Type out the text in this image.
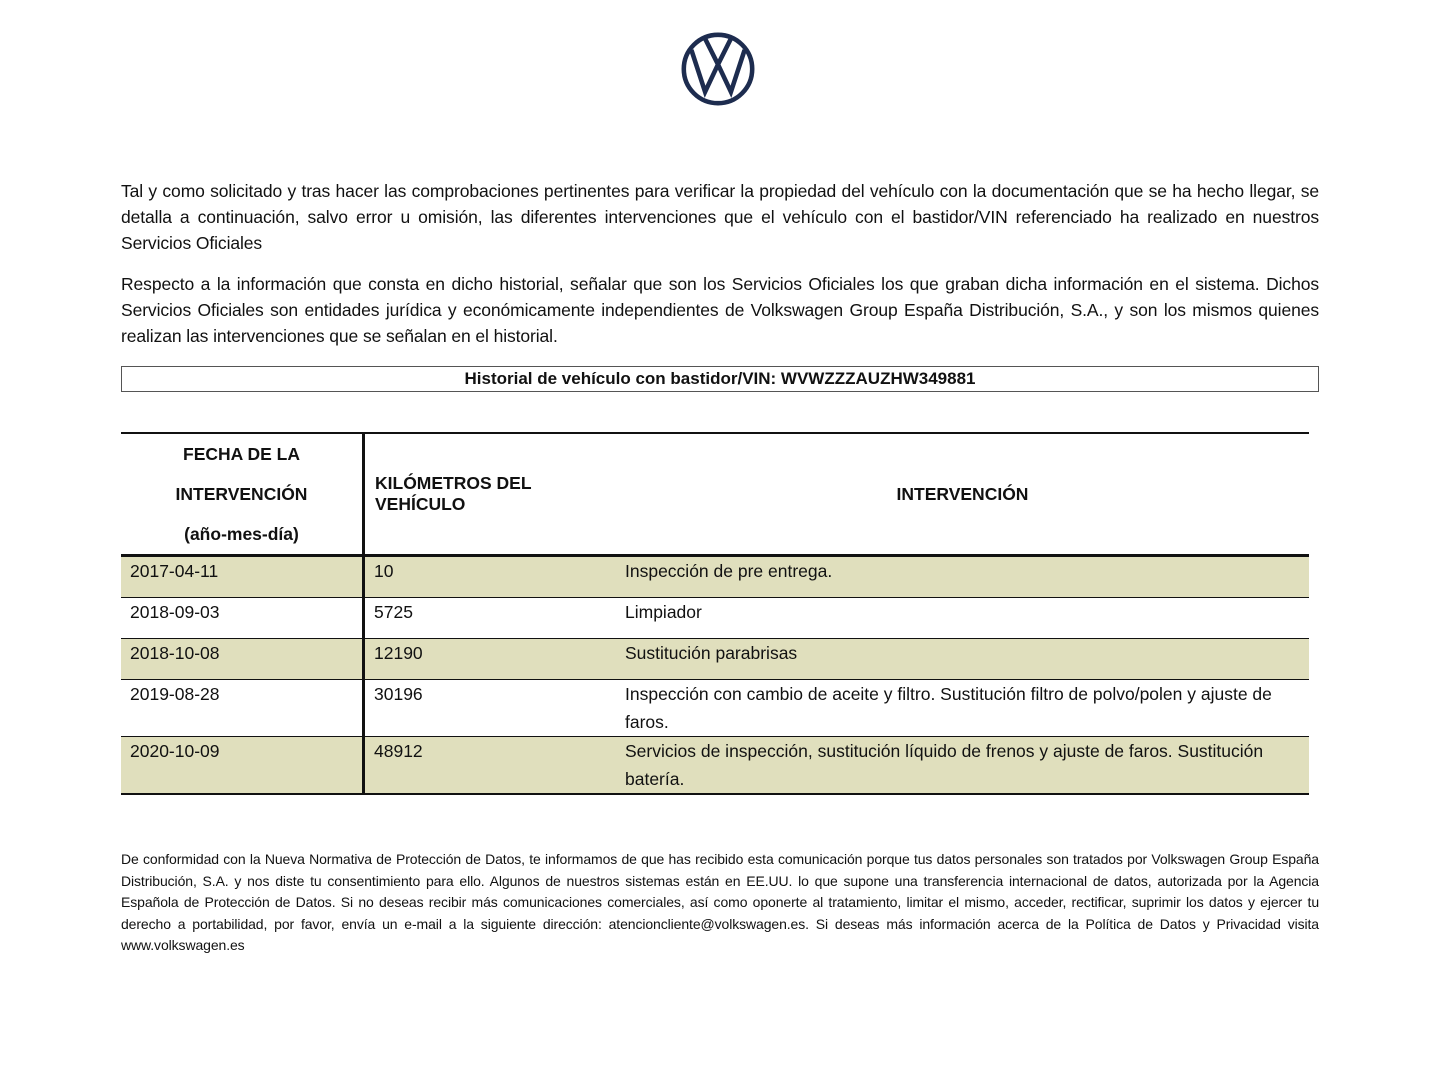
Tal y como solicitado y tras hacer las comprobaciones pertinentes para verificar la propiedad del vehículo con la documentación que se ha hecho llegar, se detalla a continuación, salvo error u omisión, las diferentes intervenciones que el vehículo con el bastidor/VIN referenciado ha realizado en nuestros Servicios Oficiales

Respecto a la información que consta en dicho historial, señalar que son los Servicios Oficiales los que graban dicha información en el sistema. Dichos Servicios Oficiales son entidades jurídica y económicamente independientes de Volkswagen Group España Distribución, S.A., y son los mismos quienes realizan las intervenciones que se señalan en el historial.

Historial de vehículo con bastidor/VIN: WVWZZZAUZHW349881
FECHA DE LA INTERVENCIÓN
(año-mes-día)	KILÓMETROS DEL VEHÍCULO	INTERVENCIÓN
2017-04-11	10	Inspección de pre entrega.
2018-09-03	5725	Limpiador
2018-10-08	12190	Sustitución parabrisas
2019-08-28	30196	Inspección con cambio de aceite y filtro. Sustitución filtro de polvo/polen y ajuste de faros.
2020-10-09	48912	Servicios de inspección, sustitución líquido de frenos y ajuste de faros. Sustitución batería.
De conformidad con la Nueva Normativa de Protección de Datos, te informamos de que has recibido esta comunicación porque tus datos personales son tratados por Volkswagen Group España Distribución, S.A. y nos diste tu consentimiento para ello. Algunos de nuestros sistemas están en EE.UU. lo que supone una transferencia internacional de datos, autorizada por la Agencia Española de Protección de Datos. Si no deseas recibir más comunicaciones comerciales, así como oponerte al tratamiento, limitar el mismo, acceder, rectificar, suprimir los datos y ejercer tu derecho a portabilidad, por favor, envía un e-mail a la siguiente dirección: atencioncliente@volkswagen.es. Si deseas más información acerca de la Política de Datos y Privacidad visita www.volkswagen.es
